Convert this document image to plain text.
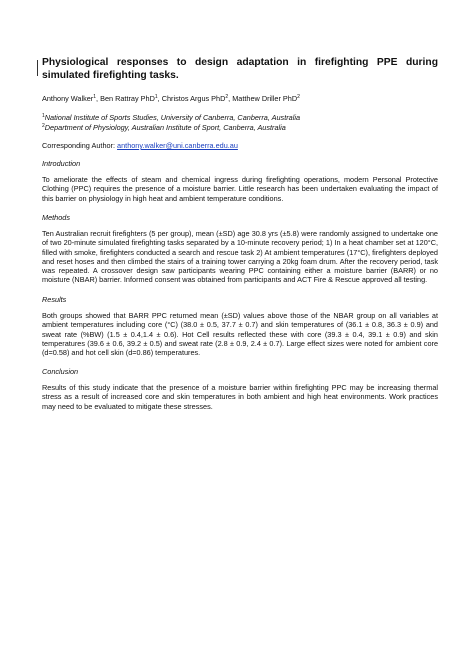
Physiological responses to design adaptation in firefighting PPE during simulated firefighting tasks.
Anthony Walker$^1$, Ben Rattray PhD$^1$, Christos Argus PhD$^2$, Matthew Driller PhD$^2$
$^1$National Institute of Sports Studies, University of Canberra, Canberra, Australia
$^2$Department of Physiology, Australian Institute of Sport, Canberra, Australia
Corresponding Author: anthony.walker@uni.canberra.edu.au
Introduction
To ameliorate the effects of steam and chemical ingress during firefighting operations, modern Personal Protective Clothing (PPC) requires the presence of a moisture barrier. Little research has been undertaken evaluating the impact of this barrier on physiology in high heat and ambient temperature conditions.
Methods
Ten Australian recruit firefighters (5 per group), mean (±SD) age 30.8 yrs (±5.8) were randomly assigned to undertake one of two 20-minute simulated firefighting tasks separated by a 10-minute recovery period; 1) In a heat chamber set at 120°C, filled with smoke, firefighters conducted a search and rescue task 2) At ambient temperatures (17°C), firefighters deployed and reset hoses and then climbed the stairs of a training tower carrying a 20kg foam drum. After the recovery period, task was repeated. A crossover design saw participants wearing PPC containing either a moisture barrier (BARR) or no moisture (NBAR) barrier. Informed consent was obtained from participants and ACT Fire & Rescue approved all testing.
Results
Both groups showed that BARR PPC returned mean (±SD) values above those of the NBAR group on all variables at ambient temperatures including core (°C) (38.0 ± 0.5, 37.7 ± 0.7) and skin temperatures of (36.1 ± 0.8, 36.3 ± 0.9) and sweat rate (%BW) (1.5 ± 0.4,1.4 ± 0.6). Hot Cell results reflected these with core (39.3 ± 0.4, 39.1 ± 0.9) and skin temperatures (39.6 ± 0.6, 39.2 ± 0.5) and sweat rate (2.8 ± 0.9, 2.4 ± 0.7). Large effect sizes were noted for ambient core (d=0.58) and hot cell skin (d=0.86) temperatures.
Conclusion
Results of this study indicate that the presence of a moisture barrier within firefighting PPC may be increasing thermal stress as a result of increased core and skin temperatures in both ambient and high heat environments. Work practices may need to be evaluated to mitigate these stresses.
